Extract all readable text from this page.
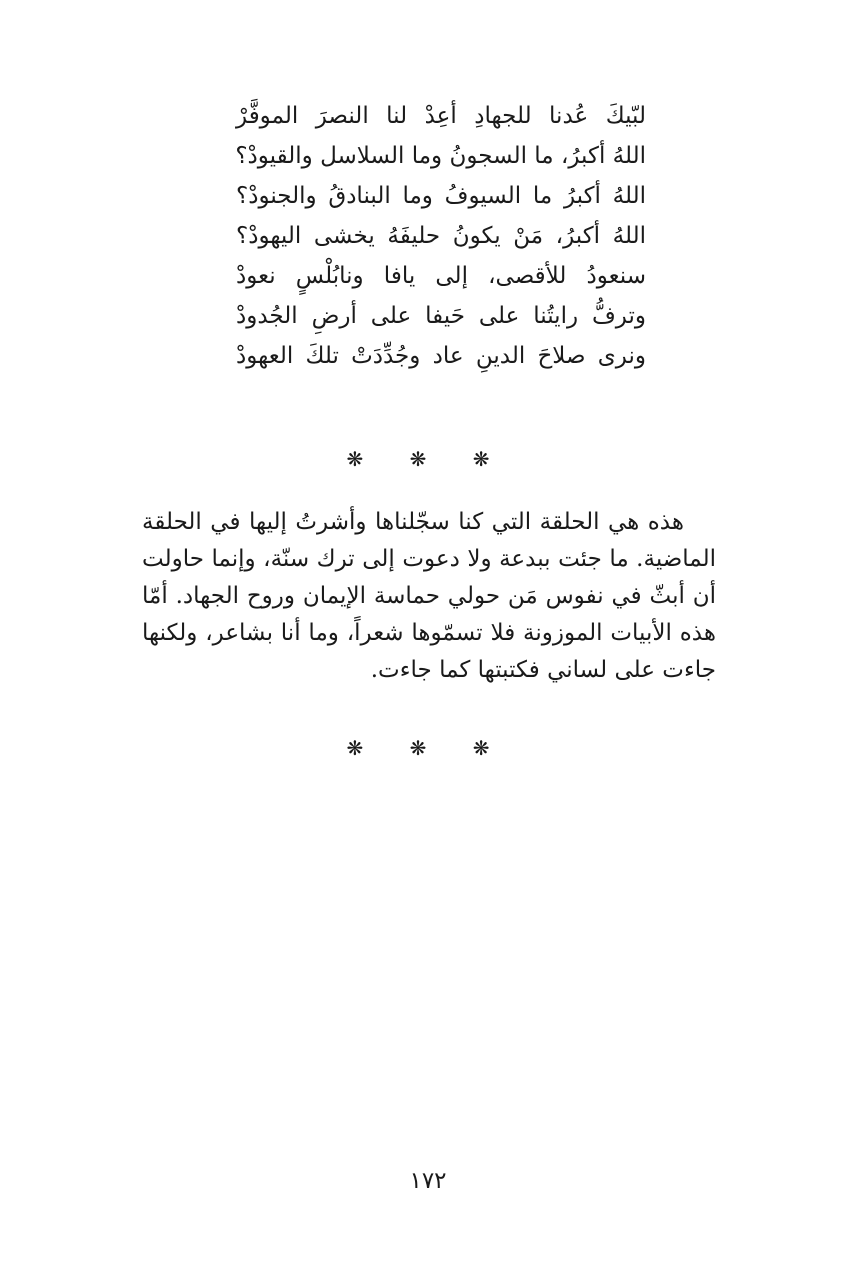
لبّيكَ عُدنا للجهادِ أعِدْ لنا النصرَ الموفَّرْ
اللهُ أكبرُ، ما السجونُ وما السلاسل والقيودْ؟
اللهُ أكبرُ ما السيوفُ وما البنادقُ والجنودْ؟
اللهُ أكبرُ، مَنْ يكونُ حليفَهُ يخشى اليهودْ؟
سنعودُ للأقصى، إلى يافا ونابُلْسٍ نعودْ
وترفُّ رايتُنا على حَيفا على أرضِ الجُدودْ
ونرى صلاحَ الدينِ عاد وجُدِّدَتْ تلكَ العهودْ
❋ ❋ ❋

هذه هي الحلقة التي كنا سجّلناها وأشرتُ إليها في الحلقة الماضية. ما جئت ببدعة ولا دعوت إلى ترك سنّة، وإنما حاولت أن أبثّ في نفوس مَن حولي حماسة الإيمان وروح الجهاد. أمّا هذه الأبيات الموزونة فلا تسمّوها شعراً، وما أنا بشاعر، ولكنها جاءت على لساني فكتبتها كما جاءت.

❋ ❋ ❋
١٧٢
